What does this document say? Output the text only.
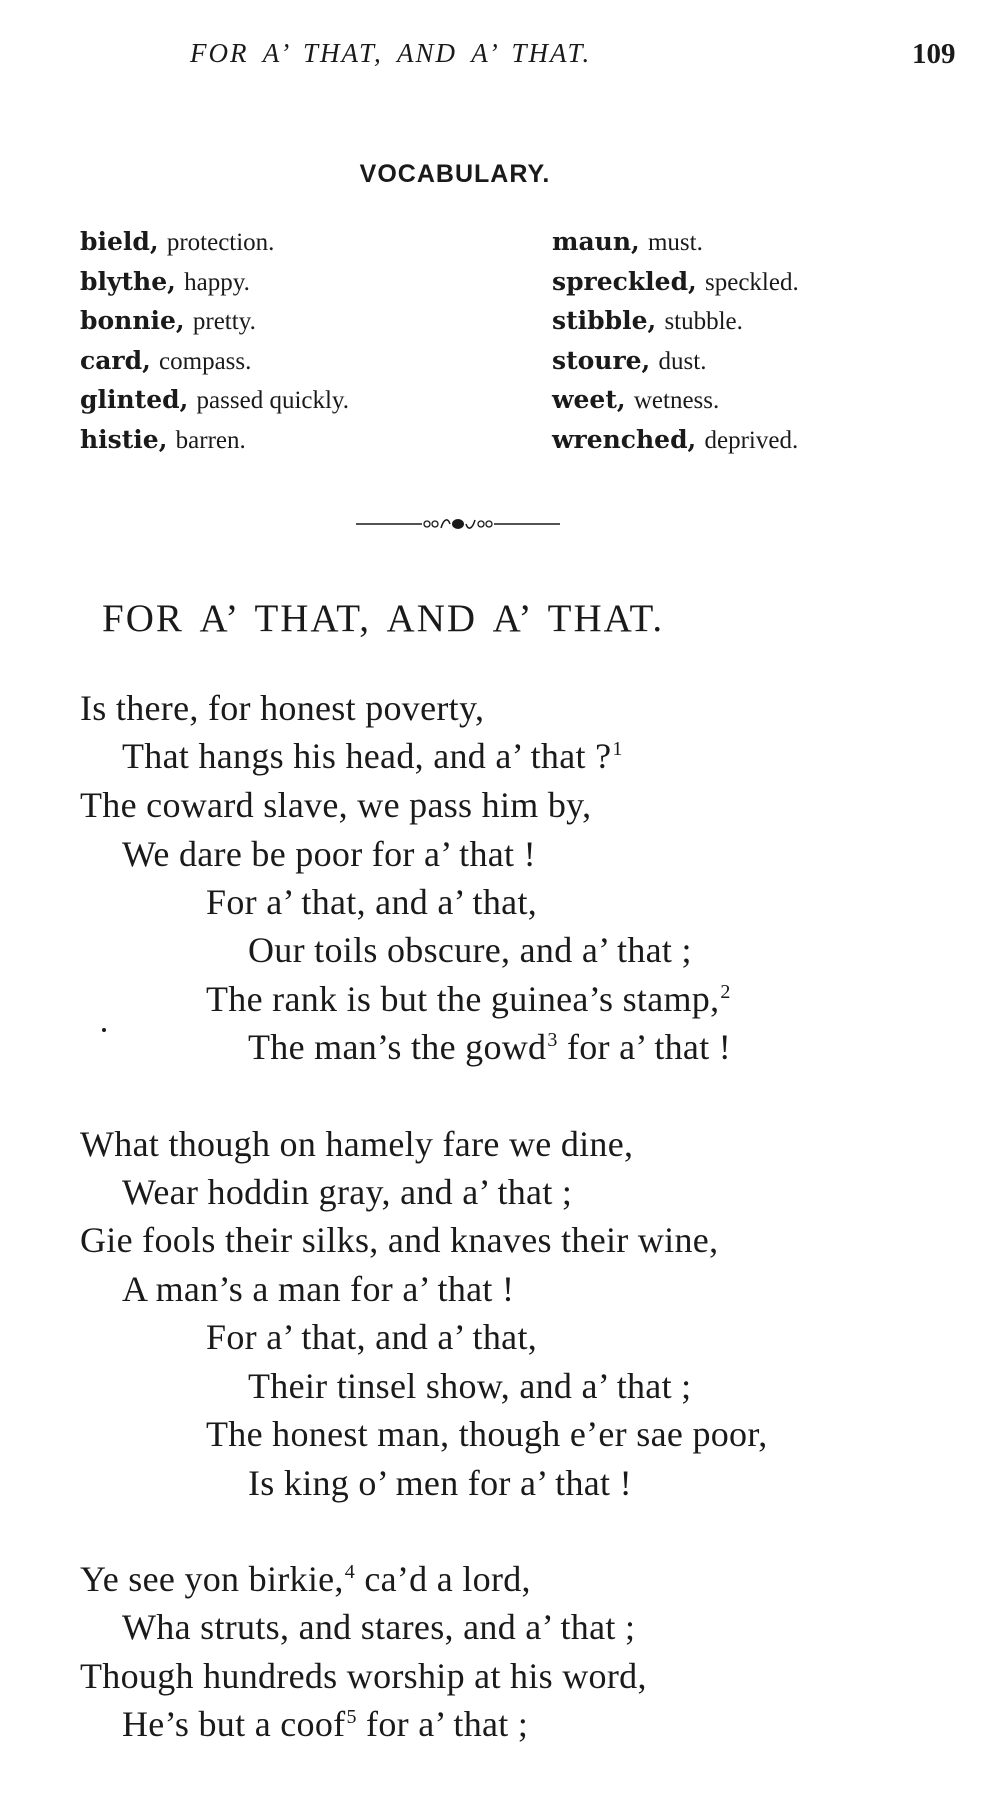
FOR A’ THAT, AND A’ THAT.	109
VOCABULARY.
bield, protection.
blythe, happy.
bonnie, pretty.
card, compass.
glinted, passed quickly.
histie, barren.
maun, must.
spreckled, speckled.
stibble, stubble.
stoure, dust.
weet, wetness.
wrenched, deprived.
FOR A’ THAT, AND A’ THAT.
Is there, for honest poverty,
That hangs his head, and a’ that ?$^1$
The coward slave, we pass him by,
We dare be poor for a’ that !
For a’ that, and a’ that,
Our toils obscure, and a’ that ;
The rank is but the guinea’s stamp,$^2$
The man’s the gowd$^3$ for a’ that !
What though on hamely fare we dine,
Wear hoddin gray, and a’ that ;
Gie fools their silks, and knaves their wine,
A man’s a man for a’ that !
For a’ that, and a’ that,
Their tinsel show, and a’ that ;
The honest man, though e’er sae poor,
Is king o’ men for a’ that !
Ye see yon birkie,$^4$ ca’d a lord,
Wha struts, and stares, and a’ that ;
Though hundreds worship at his word,
He’s but a coof$^5$ for a’ that ;
